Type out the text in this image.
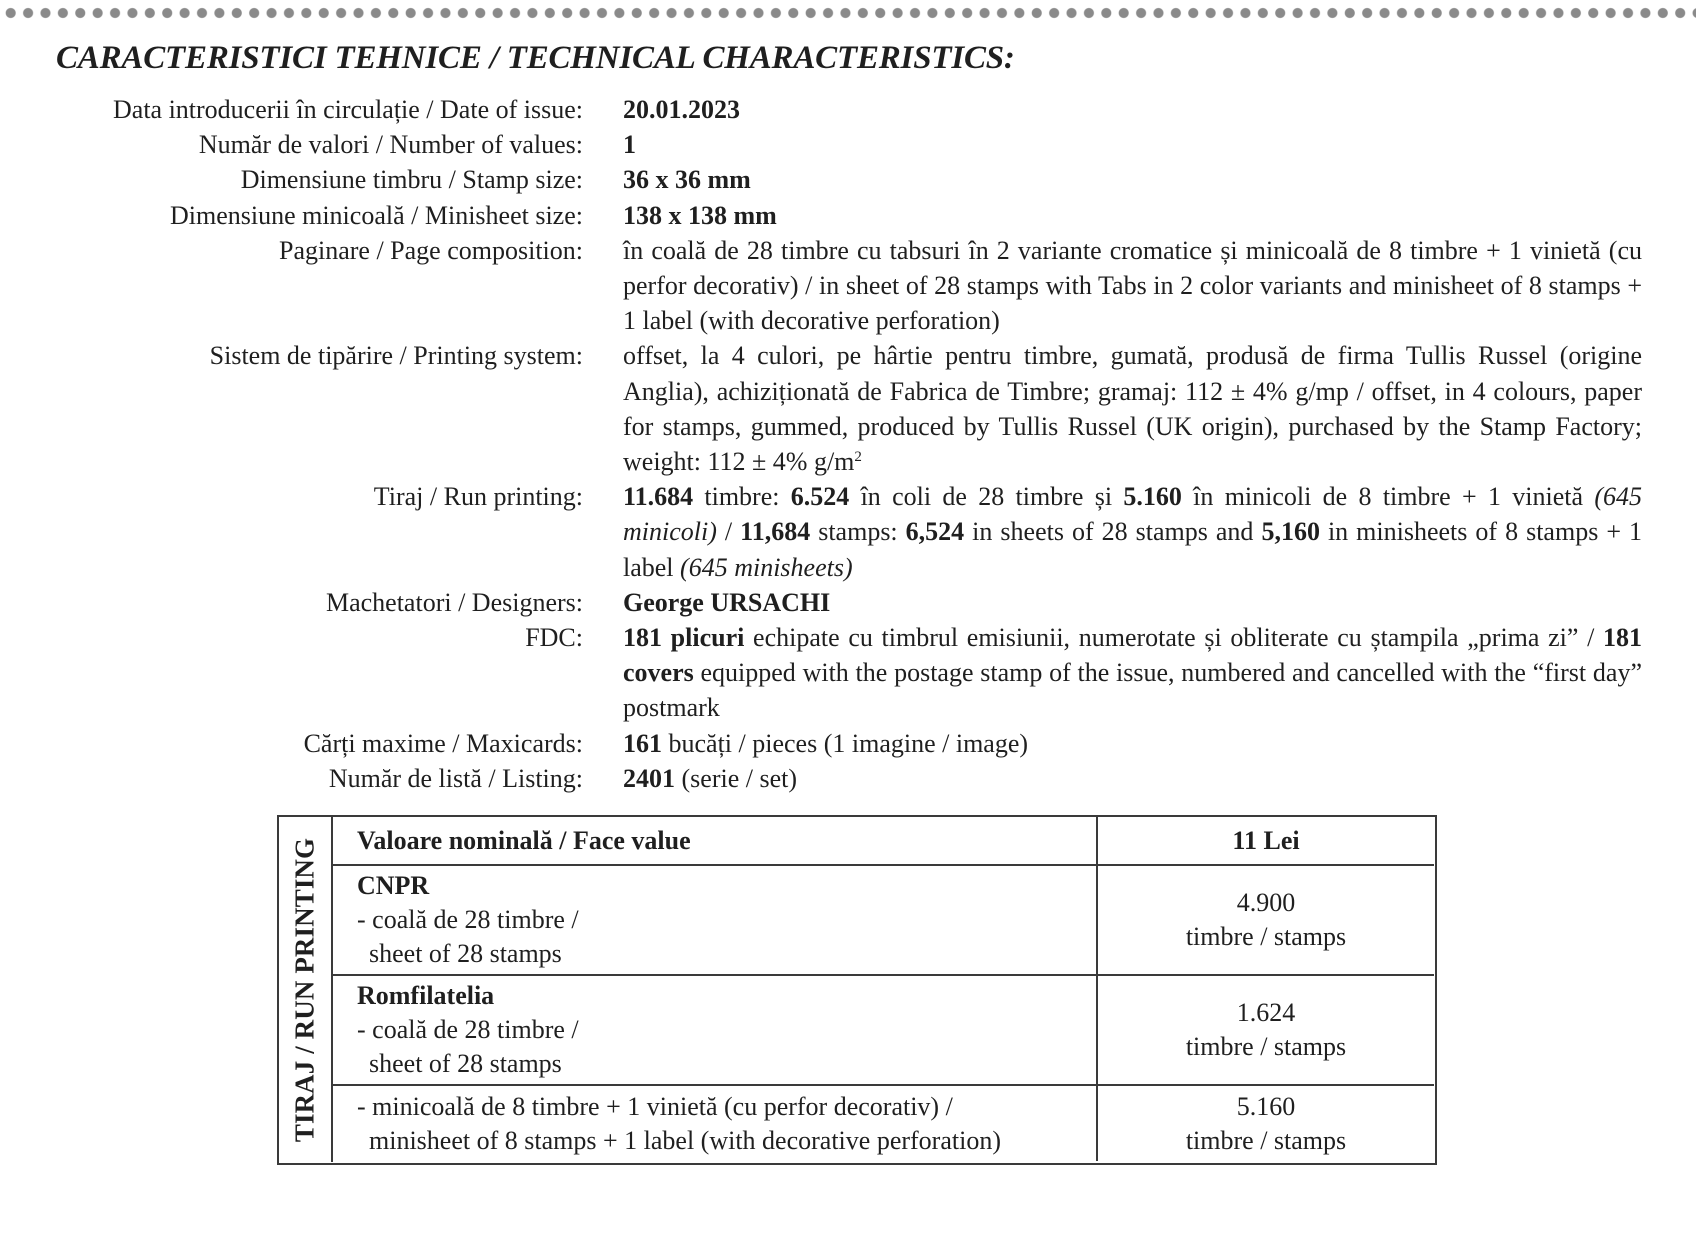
CARACTERISTICI TEHNICE / TECHNICAL CHARACTERISTICS:
Data introducerii în circulație / Date of issue:	20.01.2023
Număr de valori / Number of values:	1
Dimensiune timbru / Stamp size:	36 x 36 mm
Dimensiune minicoală / Minisheet size:	138 x 138 mm
Paginare / Page composition:	în coală de 28 timbre cu tabsuri în 2 variante cromatice și minicoală de 8 timbre + 1 vinietă (cu perfor decorativ) / in sheet of 28 stamps with Tabs in 2 color variants and minisheet of 8 stamps + 1 label (with decorative perforation)
Sistem de tipărire / Printing system:	offset, la 4 culori, pe hârtie pentru timbre, gumată, produsă de firma Tullis Russel (origine Anglia), achiziționată de Fabrica de Timbre; gramaj: 112 ± 4% g/mp / offset, in 4 colours, paper for stamps, gummed, produced by Tullis Russel (UK origin), purchased by the Stamp Factory; weight: 112 ± 4% $g/m^2$
Tiraj / Run printing:	11.684 timbre: 6.524 în coli de 28 timbre și 5.160 în minicoli de 8 timbre + 1 vinietă (645 minicoli) / 11,684 stamps: 6,524 in sheets of 28 stamps and 5,160 in minisheets of 8 stamps + 1 label (645 minisheets)
Machetatori / Designers:	George URSACHI
FDC:	181 plicuri echipate cu timbrul emisiunii, numerotate și obliterate cu ștampila „prima zi” / 181 covers equipped with the postage stamp of the issue, numbered and cancelled with the “first day” postmark
Cărți maxime / Maxicards:	161 bucăți / pieces (1 imagine / image)
Număr de listă / Listing:	2401 (serie / set)
TIRAJ / RUN PRINTING Valoare nominală / Face value	11 Lei
CNPR
- coală de 28 timbre /

sheet of 28 stamps	4.900
timbre / stamps
Romfilatelia
- coală de 28 timbre /

sheet of 28 stamps	1.624
timbre / stamps
- minicoală de 8 timbre + 1 vinietă (cu perfor decorativ) /

minisheet of 8 stamps + 1 label (with decorative perforation)	5.160
timbre / stamps
